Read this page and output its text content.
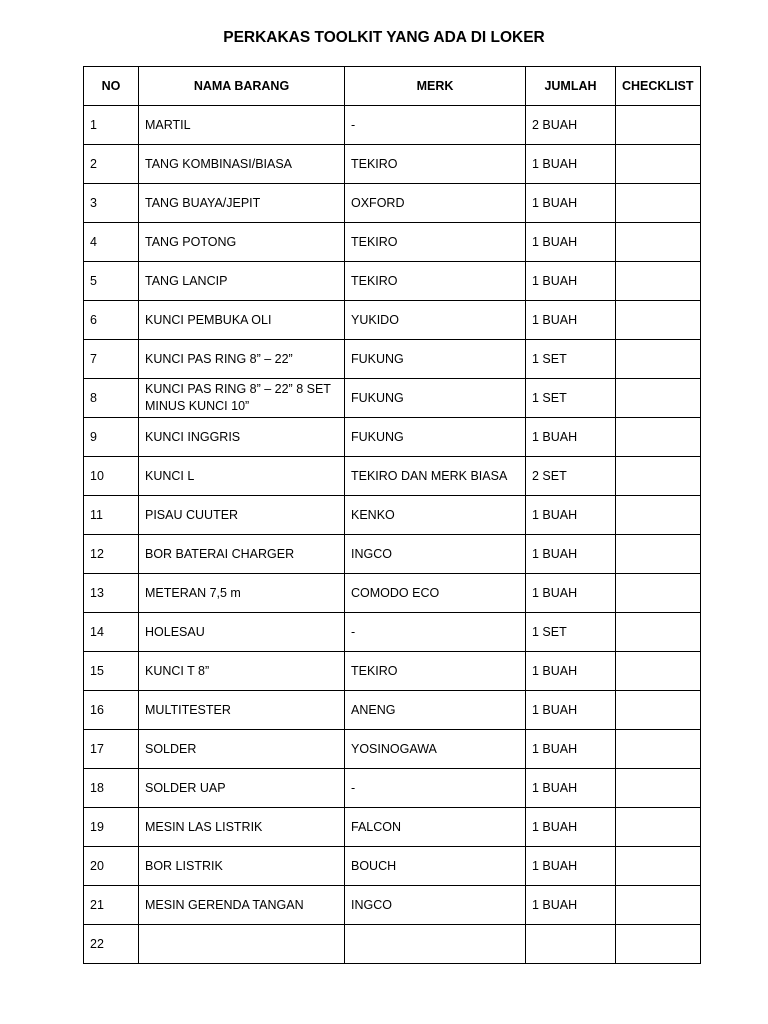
PERKAKAS TOOLKIT YANG ADA DI LOKER
NO	NAMA BARANG	MERK	JUMLAH	CHECKLIST
1	MARTIL	-	2 BUAH	
2	TANG KOMBINASI/BIASA	TEKIRO	1 BUAH	
3	TANG BUAYA/JEPIT	OXFORD	1 BUAH	
4	TANG POTONG	TEKIRO	1 BUAH	
5	TANG LANCIP	TEKIRO	1 BUAH	
6	KUNCI PEMBUKA OLI	YUKIDO	1 BUAH	
7	KUNCI PAS RING 8” – 22”	FUKUNG	1 SET	
8	KUNCI PAS RING 8” – 22” 8 SET MINUS KUNCI 10”	FUKUNG	1 SET	
9	KUNCI INGGRIS	FUKUNG	1 BUAH	
10	KUNCI L	TEKIRO DAN MERK BIASA	2 SET	
11	PISAU CUUTER	KENKO	1 BUAH	
12	BOR BATERAI CHARGER	INGCO	1 BUAH	
13	METERAN 7,5 m	COMODO ECO	1 BUAH	
14	HOLESAU	-	1 SET	
15	KUNCI T 8”	TEKIRO	1 BUAH	
16	MULTITESTER	ANENG	1 BUAH	
17	SOLDER	YOSINOGAWA	1 BUAH	
18	SOLDER UAP	-	1 BUAH	
19	MESIN LAS LISTRIK	FALCON	1 BUAH	
20	BOR LISTRIK	BOUCH	1 BUAH	
21	MESIN GERENDA TANGAN	INGCO	1 BUAH	
22				
